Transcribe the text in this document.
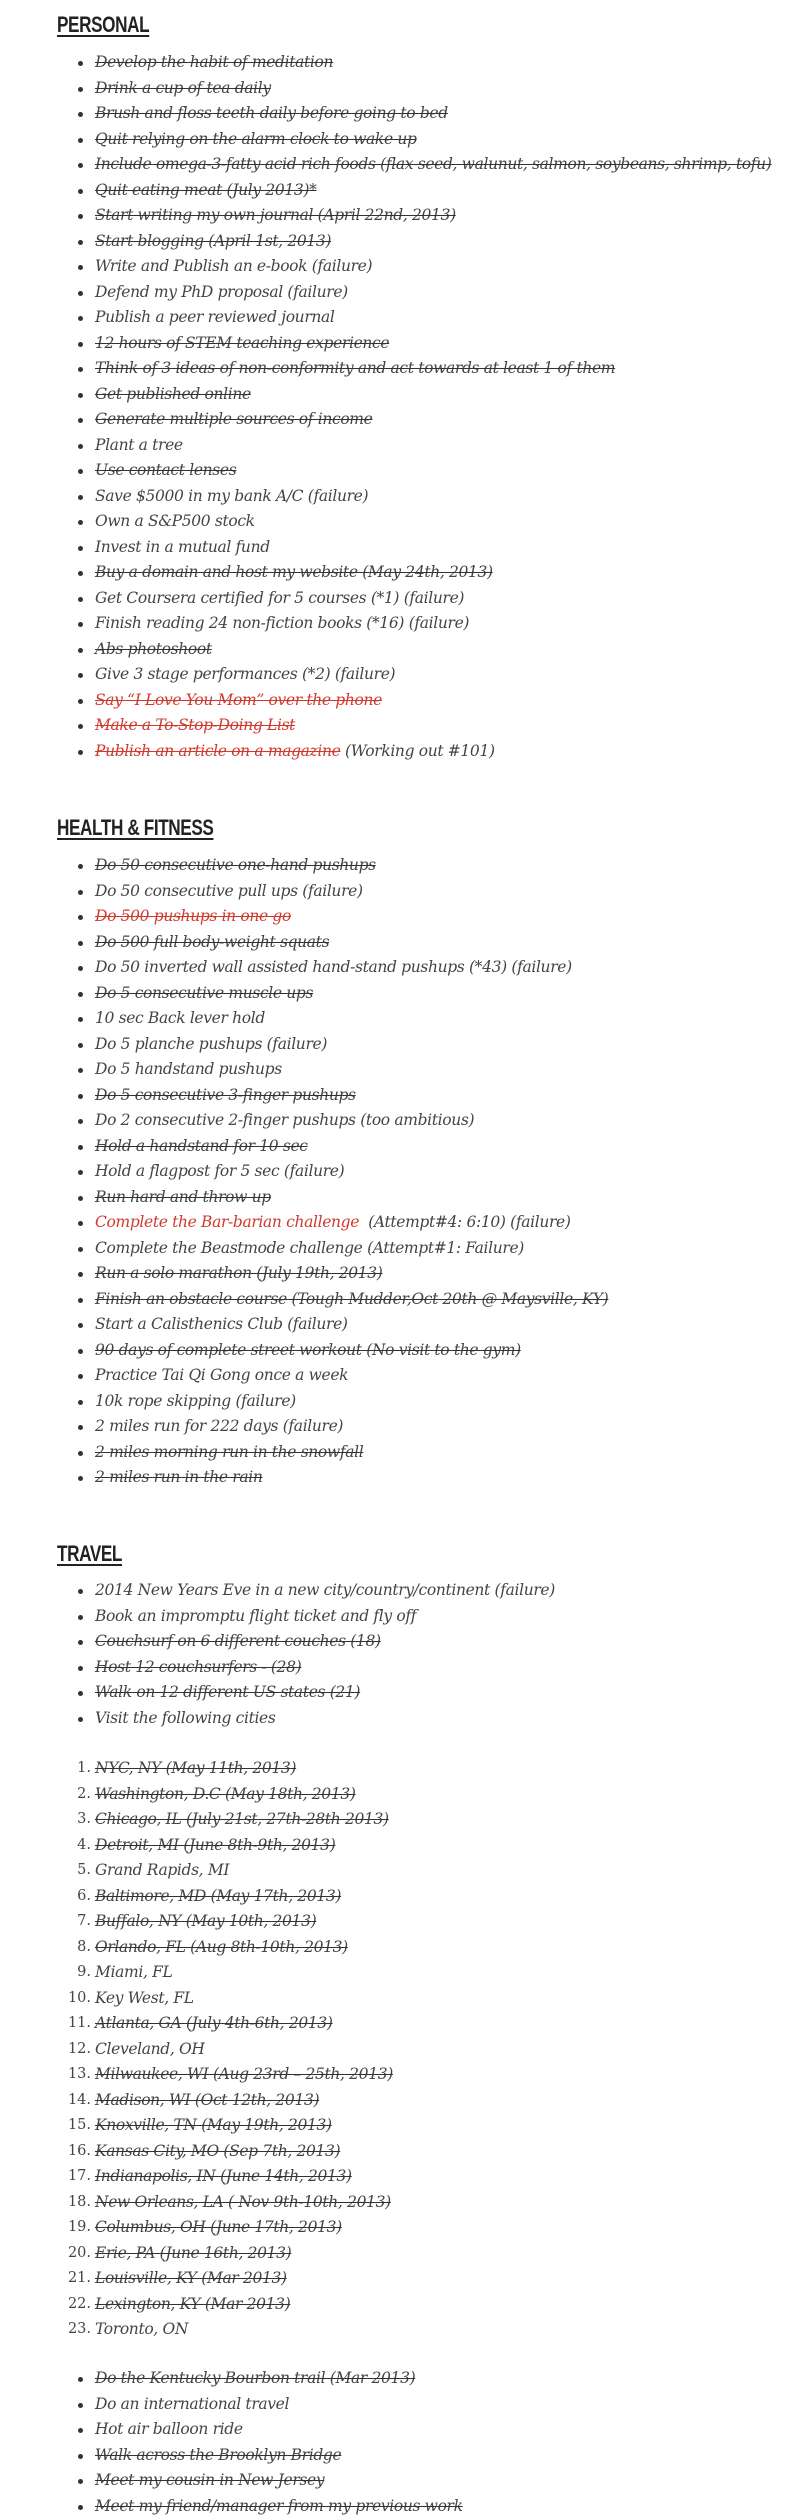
PERSONAL
Develop the habit of meditation
Drink a cup of tea daily
Brush and floss teeth daily before going to bed
Quit relying on the alarm clock to wake up
Include omega-3-fatty acid rich foods (flax seed, walunut, salmon, soybeans, shrimp, tofu)
Quit eating meat (July 2013)*
Start writing my own journal (April 22nd, 2013)
Start blogging (April 1st, 2013)
Write and Publish an e-book (failure)
Defend my PhD proposal (failure)
Publish a peer reviewed journal
12 hours of STEM teaching experience
Think of 3 ideas of non-conformity and act towards at least 1 of them
Get published online
Generate multiple sources of income
Plant a tree
Use contact lenses
Save $5000 in my bank A/C (failure)
Own a S&P500 stock
Invest in a mutual fund
Buy a domain and host my website (May 24th, 2013)
Get Coursera certified for 5 courses (*1) (failure)
Finish reading 24 non-fiction books (*16) (failure)
Abs photoshoot
Give 3 stage performances (*2) (failure)
Say “I Love You Mom” over the phone
Make a To-Stop-Doing List
Publish an article on a magazine (Working out #101)
HEALTH & FITNESS
Do 50 consecutive one-hand pushups
Do 50 consecutive pull ups (failure)
Do 500 pushups in one go
Do 500 full body-weight squats
Do 50 inverted wall assisted hand-stand pushups (*43) (failure)
Do 5 consecutive muscle ups
10 sec Back lever hold
Do 5 planche pushups (failure)
Do 5 handstand pushups
Do 5 consecutive 3-finger pushups
Do 2 consecutive 2-finger pushups (too ambitious)
Hold a handstand for 10 sec
Hold a flagpost for 5 sec (failure)
Run hard and throw up
Complete the Bar-barian challenge  (Attempt#4: 6:10) (failure)
Complete the Beastmode challenge (Attempt#1: Failure)
Run a solo marathon (July 19th, 2013)
Finish an obstacle course (Tough Mudder,Oct 20th @ Maysville, KY)
Start a Calisthenics Club (failure)
90 days of complete street workout (No visit to the gym)
Practice Tai Qi Gong once a week
10k rope skipping (failure)
2 miles run for 222 days (failure)
2 miles morning run in the snowfall
2 miles run in the rain
TRAVEL
2014 New Years Eve in a new city/country/continent (failure)
Book an impromptu flight ticket and fly off
Couchsurf on 6 different couches (18)
Host 12 couchsurfers - (28)
Walk on 12 different US states (21)
Visit the following cities
1. NYC, NY (May 11th, 2013)
2. Washington, D.C (May 18th, 2013)
3. Chicago, IL (July 21st, 27th-28th 2013)
4. Detroit, MI (June 8th-9th, 2013)
5. Grand Rapids, MI
6. Baltimore, MD (May 17th, 2013)
7. Buffalo, NY (May 10th, 2013)
8. Orlando, FL (Aug 8th-10th, 2013)
9. Miami, FL
10. Key West, FL
11. Atlanta, GA (July 4th-6th, 2013)
12. Cleveland, OH
13. Milwaukee, WI (Aug 23rd – 25th, 2013)
14. Madison, WI (Oct 12th, 2013)
15. Knoxville, TN (May 19th, 2013)
16. Kansas City, MO (Sep 7th, 2013)
17. Indianapolis, IN (June 14th, 2013)
18. New Orleans, LA ( Nov 9th-10th, 2013)
19. Columbus, OH (June 17th, 2013)
20. Erie, PA (June 16th, 2013)
21. Louisville, KY (Mar 2013)
22. Lexington, KY (Mar 2013)
23. Toronto, ON
Do the Kentucky Bourbon trail (Mar 2013)
Do an international travel
Hot air balloon ride
Walk across the Brooklyn Bridge
Meet my cousin in New Jersey
Meet my friend/manager from my previous work
